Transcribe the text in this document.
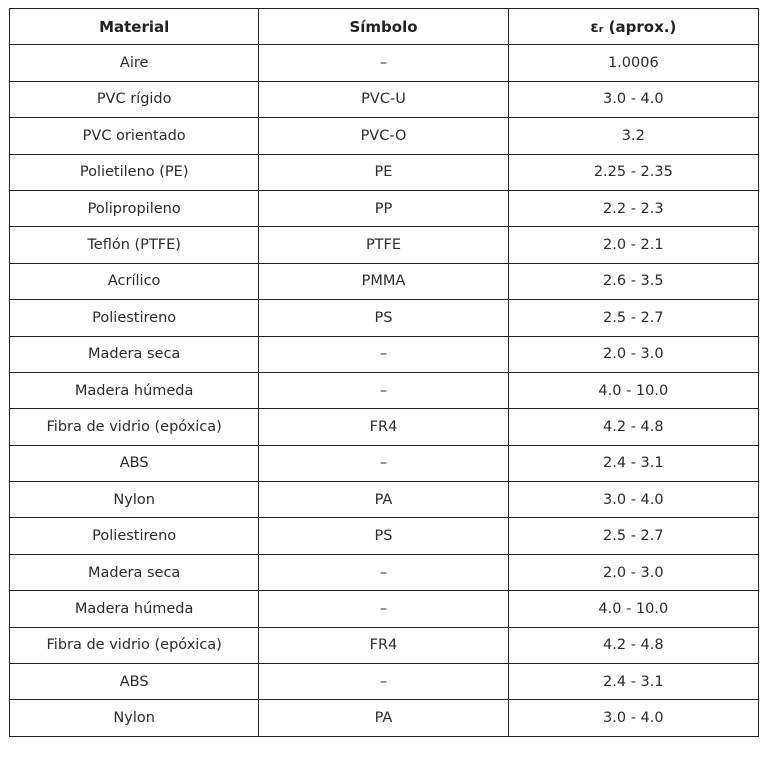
Material	Símbolo	εᵣ (aprox.)
Aire	–	1.0006
PVC rígido	PVC-U	3.0 - 4.0
PVC orientado	PVC-O	3.2
Polietileno (PE)	PE	2.25 - 2.35
Polipropileno	PP	2.2 - 2.3
Teflón (PTFE)	PTFE	2.0 - 2.1
Acrílico	PMMA	2.6 - 3.5
Poliestireno	PS	2.5 - 2.7
Madera seca	–	2.0 - 3.0
Madera húmeda	–	4.0 - 10.0
Fibra de vidrio (epóxica)	FR4	4.2 - 4.8
ABS	–	2.4 - 3.1
Nylon	PA	3.0 - 4.0
Poliestireno	PS	2.5 - 2.7
Madera seca	–	2.0 - 3.0
Madera húmeda	–	4.0 - 10.0
Fibra de vidrio (epóxica)	FR4	4.2 - 4.8
ABS	–	2.4 - 3.1
Nylon	PA	3.0 - 4.0
